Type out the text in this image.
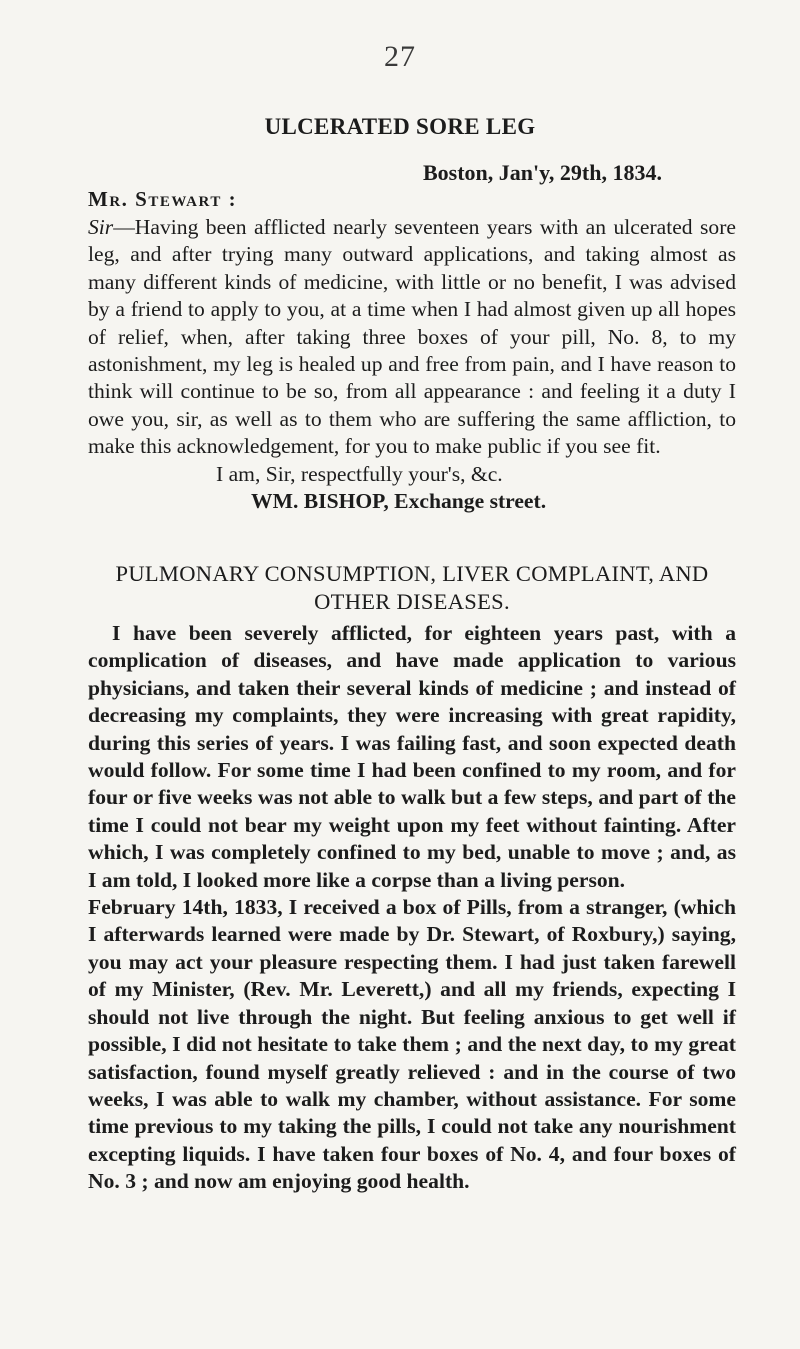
27

ULCERATED SORE LEG

Boston, Jan'y, 29th, 1834.

Mr. Stewart :

Sir—Having been afflicted nearly seventeen years with an ulcerated sore leg, and after trying many outward applications, and taking almost as many different kinds of medicine, with little or no benefit, I was advised by a friend to apply to you, at a time when I had almost given up all hopes of relief, when, after taking three boxes of your pill, No. 8, to my astonishment, my leg is healed up and free from pain, and I have reason to think will continue to be so, from all appearance : and feeling it a duty I owe you, sir, as well as to them who are suffering the same affliction, to make this acknowledgement, for you to make public if you see fit.

I am, Sir, respectfully your's, &c.

WM. BISHOP, Exchange street.

PULMONARY CONSUMPTION, LIVER COMPLAINT, AND OTHER DISEASES.

I have been severely afflicted, for eighteen years past, with a complication of diseases, and have made application to various physicians, and taken their several kinds of medicine ; and instead of decreasing my complaints, they were increasing with great rapidity, during this series of years. I was failing fast, and soon expected death would follow. For some time I had been confined to my room, and for four or five weeks was not able to walk but a few steps, and part of the time I could not bear my weight upon my feet without fainting. After which, I was completely confined to my bed, unable to move ; and, as I am told, I looked more like a corpse than a living person.

February 14th, 1833, I received a box of Pills, from a stranger, (which I afterwards learned were made by Dr. Stewart, of Roxbury,) saying, you may act your pleasure respecting them. I had just taken farewell of my Minister, (Rev. Mr. Leverett,) and all my friends, expecting I should not live through the night. But feeling anxious to get well if possible, I did not hesitate to take them ; and the next day, to my great satisfaction, found myself greatly relieved : and in the course of two weeks, I was able to walk my chamber, without assistance. For some time previous to my taking the pills, I could not take any nourishment excepting liquids. I have taken four boxes of No. 4, and four boxes of No. 3 ; and now am enjoying good health.
